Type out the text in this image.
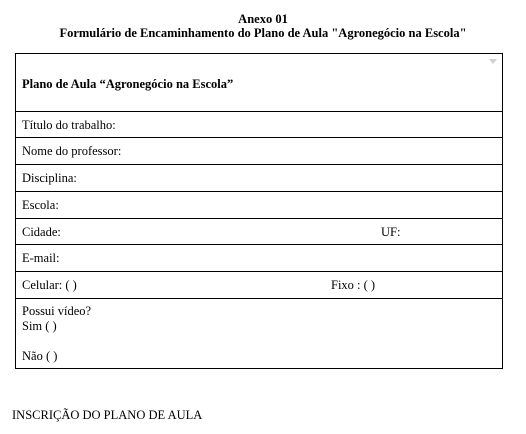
Anexo 01
Formulário de Encaminhamento do Plano de Aula "Agronegócio na Escola"
Plano de Aula “Agronegócio na Escola”
Título do trabalho:
Nome do professor:
Disciplina:
Escola:
Cidade:	UF:
E-mail:
Celular: ( )	Fixo : ( )
Possui vídeo?
Sim ( )
Não ( )
INSCRIÇÃO DO PLANO DE AULA
